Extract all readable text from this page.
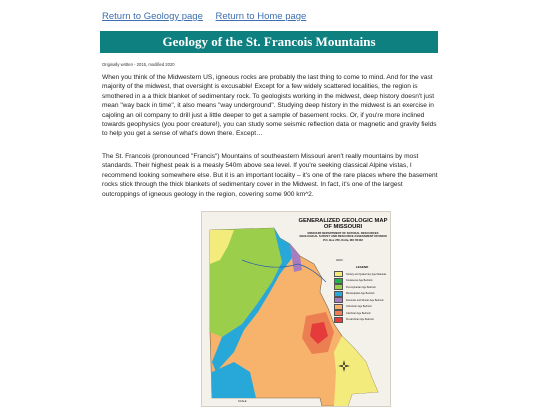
Return to Geology page Return to Home page
Geology of the St. Francois Mountains
Originally written - 2015, modified 2020

When you think of the Midwestern US, igneous rocks are probably the last thing to come to mind. And for the vast majority of the midwest, that oversight is excusable! Except for a few widely scattered localities, the region is smothered in a a thick blanket of sedimentary rock. To geologists working in the midwest, deep history doesn't just mean "way back in time", it also means "way underground". Studying deep history in the midwest is an exercise in cajoling an oil company to drill just a little deeper to get a sample of basement rocks. Or, if you're more inclined towards geophysics (you poor creature!), you can study some seismic reflection data or magnetic and gravity fields to help you get a sense of what's down there. Except…

The St. Francois (pronounced "Francis") Mountains of southeastern Missouri aren't really mountains by most standards. Their highest peak is a measly 540m above sea level. If you're seeking classical Alpine vistas, I recommend looking somewhere else. But it is an important locality – it's one of the rare places where the basement rocks stick through the thick blankets of sedimentary cover in the Midwest. In fact, it's one of the largest outcroppings of igneous geology in the region, covering some 900 km^2.

GENERALIZED GEOLOGIC MAP OF MISSOURI
MISSOURI DEPARTMENT OF NATURAL RESOURCES GEOLOGICAL SURVEY AND RESOURCE ASSESSMENT DIVISION P.O. Box 250, Rolla, MO 65402
2003
LEGEND
Tertiary and Quaternary Age Materials
Cretaceous Age Bedrock
Pennsylvanian Age Bedrock
Mississippian Age Bedrock
Devonian and Silurian Age Bedrock
Ordovician Age Bedrock
Cambrian Age Bedrock
Precambrian Age Bedrock
SCALE
